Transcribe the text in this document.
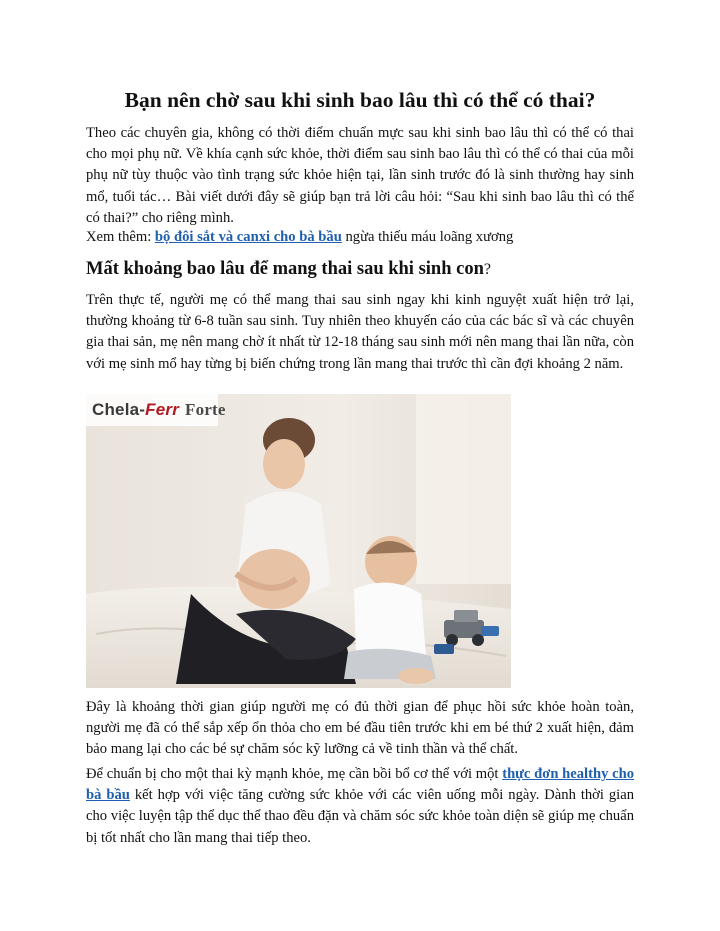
Bạn nên chờ sau khi sinh bao lâu thì có thể có thai?

Theo các chuyên gia, không có thời điểm chuẩn mực sau khi sinh bao lâu thì có thể có thai cho mọi phụ nữ. Về khía cạnh sức khỏe, thời điểm sau sinh bao lâu thì có thể có thai của mỗi phụ nữ tùy thuộc vào tình trạng sức khỏe hiện tại, lần sinh trước đó là sinh thường hay sinh mổ, tuổi tác… Bài viết dưới đây sẽ giúp bạn trả lời câu hỏi: “Sau khi sinh bao lâu thì có thể có thai?” cho riêng mình.

Xem thêm: bộ đôi sắt và canxi cho bà bầu ngừa thiếu máu loãng xương

Mất khoảng bao lâu để mang thai sau khi sinh con?

Trên thực tế, người mẹ có thể mang thai sau sinh ngay khi kinh nguyệt xuất hiện trở lại, thường khoảng từ 6-8 tuần sau sinh. Tuy nhiên theo khuyến cáo của các bác sĩ và các chuyên gia thai sản, mẹ nên mang chờ ít nhất từ 12-18 tháng sau sinh mới nên mang thai lần nữa, còn với mẹ sinh mổ hay từng bị biến chứng trong lần mang thai trước thì cần đợi khoảng 2 năm.

Chela-Ferr Forte

Đây là khoảng thời gian giúp người mẹ có đủ thời gian để phục hồi sức khỏe hoàn toàn, người mẹ đã có thể sắp xếp ổn thỏa cho em bé đầu tiên trước khi em bé thứ 2 xuất hiện, đảm bảo mang lại cho các bé sự chăm sóc kỹ lưỡng cả về tinh thần và thể chất.

Để chuẩn bị cho một thai kỳ mạnh khỏe, mẹ cần bồi bổ cơ thể với một thực đơn healthy cho bà bầu kết hợp với việc tăng cường sức khỏe với các viên uống mỗi ngày. Dành thời gian cho việc luyện tập thể dục thể thao đều đặn và chăm sóc sức khỏe toàn diện sẽ giúp mẹ chuẩn bị tốt nhất cho lần mang thai tiếp theo.
